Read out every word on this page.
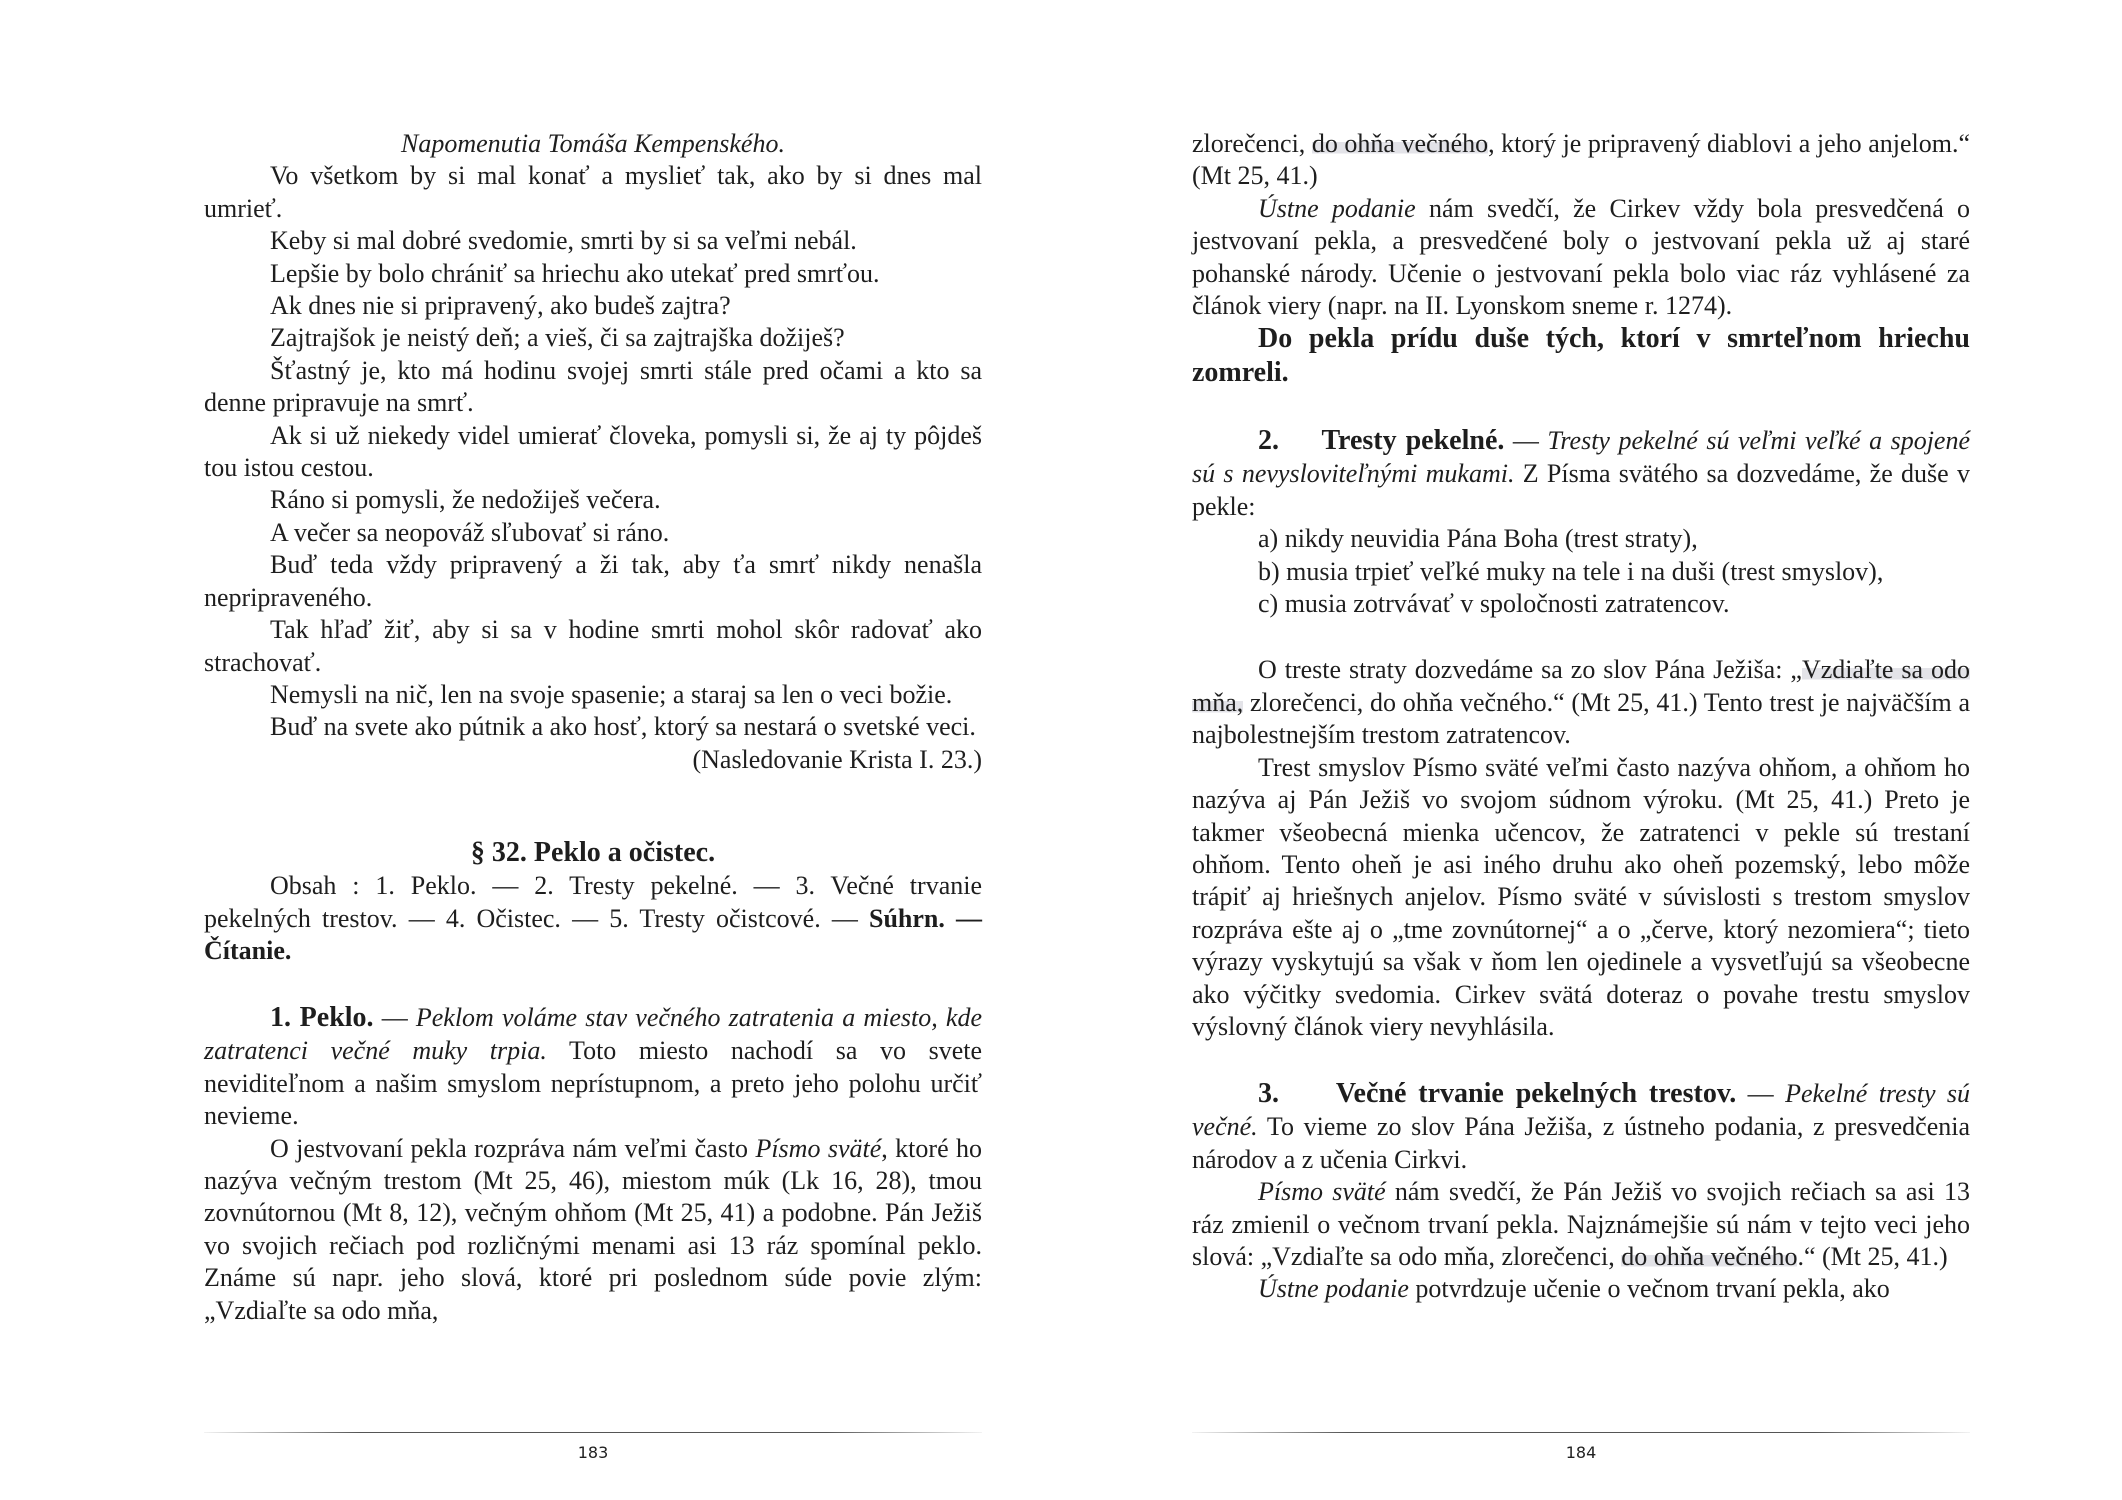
Napomenutia Tomáša Kempenského.

Vo všetkom by si mal konať a myslieť tak, ako by si dnes mal umrieť.

Keby si mal dobré svedomie, smrti by si sa veľmi nebál.

Lepšie by bolo chrániť sa hriechu ako utekať pred smrťou.

Ak dnes nie si pripravený, ako budeš zajtra?

Zajtrajšok je neistý deň; a vieš, či sa zajtrajška dožiješ?

Šťastný je, kto má hodinu svojej smrti stále pred očami a kto sa denne pripravuje na smrť.

Ak si už niekedy videl umierať človeka, pomysli si, že aj ty pôjdeš tou istou cestou.

Ráno si pomysli, že nedožiješ večera.

A večer sa neopováž sľubovať si ráno.

Buď teda vždy pripravený a ži tak, aby ťa smrť nikdy nenašla nepripraveného.

Tak hľaď žiť, aby si sa v hodine smrti mohol skôr radovať ako strachovať.

Nemysli na nič, len na svoje spasenie; a staraj sa len o veci božie.

Buď na svete ako pútnik a ako hosť, ktorý sa nestará o svetské veci.

(Nasledovanie Krista I. 23.)

§ 32. Peklo a očistec.

Obsah : 1. Peklo. — 2. Tresty pekelné. — 3. Večné trvanie pekelných trestov. — 4. Očistec. — 5. Tresty očistcové. — Súhrn. — Čítanie.

1. Peklo. — Peklom voláme stav večného zatratenia a miesto, kde zatratenci večné muky trpia. Toto miesto nachodí sa vo svete neviditeľnom a našim smyslom neprístupnom, a preto jeho polohu určiť nevieme.

O jestvovaní pekla rozpráva nám veľmi často Písmo sväté, ktoré ho nazýva večným trestom (Mt 25, 46), miestom múk (Lk 16, 28), tmou zovnútornou (Mt 8, 12), večným ohňom (Mt 25, 41) a podobne. Pán Ježiš vo svojich rečiach pod rozličnými menami asi 13 ráz spomínal peklo. Známe sú napr. jeho slová, ktoré pri poslednom súde povie zlým: „Vzdiaľte sa odo mňa,

183

zlorečenci, do ohňa večného, ktorý je pripravený diablovi a jeho anjelom.“ (Mt 25, 41.)

Ústne podanie nám svedčí, že Cirkev vždy bola presvedčená o jestvovaní pekla, a presvedčené boly o jestvovaní pekla už aj staré pohanské národy. Učenie o jestvovaní pekla bolo viac ráz vyhlásené za článok viery (napr. na II. Lyonskom sneme r. 1274).

Do pekla prídu duše tých, ktorí v smrteľnom hriechu zomreli.

2. Tresty pekelné. — Tresty pekelné sú veľmi veľké a spojené sú s nevysloviteľnými mukami. Z Písma svätého sa dozvedáme, že duše v pekle:

a) nikdy neuvidia Pána Boha (trest straty),
b) musia trpieť veľké muky na tele i na duši (trest smyslov),
c) musia zotrvávať v spoločnosti zatratencov.

O treste straty dozvedáme sa zo slov Pána Ježiša: „Vzdiaľte sa odo mňa, zlorečenci, do ohňa večného.“ (Mt 25, 41.) Tento trest je najväčším a najbolestnejším trestom zatratencov.

Trest smyslov Písmo sväté veľmi často nazýva ohňom, a ohňom ho nazýva aj Pán Ježiš vo svojom súdnom výroku. (Mt 25, 41.) Preto je takmer všeobecná mienka učencov, že zatratenci v pekle sú trestaní ohňom. Tento oheň je asi iného druhu ako oheň pozemský, lebo môže trápiť aj hriešnych anjelov. Písmo sväté v súvislosti s trestom smyslov rozpráva ešte aj o „tme zovnútornej“ a o „červe, ktorý nezomiera“; tieto výrazy vyskytujú sa však v ňom len ojedinele a vysvetľujú sa všeobecne ako výčitky svedomia. Cirkev svätá doteraz o povahe trestu smyslov výslovný článok viery nevyhlásila.

3. Večné trvanie pekelných trestov. — Pekelné tresty sú večné. To vieme zo slov Pána Ježiša, z ústneho podania, z presvedčenia národov a z učenia Cirkvi.

Písmo sväté nám svedčí, že Pán Ježiš vo svojich rečiach sa asi 13 ráz zmienil o večnom trvaní pekla. Najznámejšie sú nám v tejto veci jeho slová: „Vzdiaľte sa odo mňa, zlorečenci, do ohňa večného.“ (Mt 25, 41.)

Ústne podanie potvrdzuje učenie o večnom trvaní pekla, ako

184
